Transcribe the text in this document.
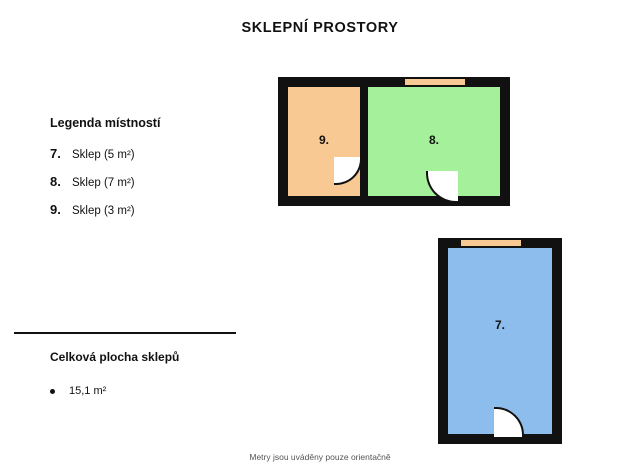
SKLEPNÍ PROSTORY
Legenda místností
7. Sklep (5 m²)
8. Sklep (7 m²)
9. Sklep (3 m²)
Celková plocha sklepů
15,1 m²
9.	8.
7.
Metry jsou uváděny pouze orientačně
